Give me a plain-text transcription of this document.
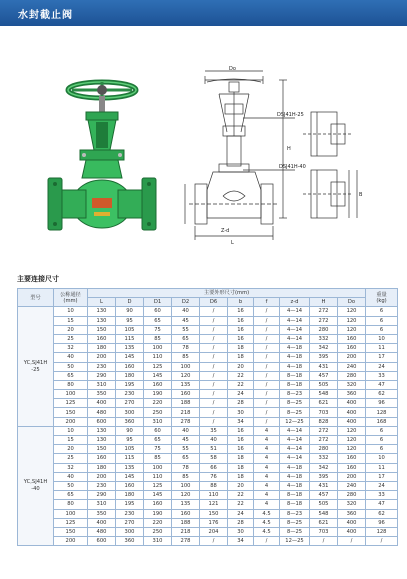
水封截止阀
Do
DSJ41H-25
DSJ41H-40
H
L
B
Z-d
主要连接尺寸
型号	公称通径
(mm)	主要外形尺寸(mm)										重量
(kg)
		L	D	D1	D2	D6	b	f	z-d	H	Do	
YC,SJ41H
-25	10	130	90	60	40	/	16	/	4—14	272	120	6
	15	130	95	65	45	/	16	/	4—14	272	120	6
	20	150	105	75	55	/	16	/	4—14	280	120	6
	25	160	115	85	65	/	16	/	4—14	332	160	10
	32	180	135	100	78	/	18	/	4—18	342	160	11
	40	200	145	110	85	/	18	/	4—18	395	200	17
	50	230	160	125	100	/	20	/	4—18	431	240	24
	65	290	180	145	120	/	22	/	8—18	457	280	33
	80	310	195	160	135	/	22	/	8—18	505	320	47
	100	350	230	190	160	/	24	/	8—23	548	360	62
	125	400	270	220	188	/	28	/	8—25	621	400	96
	150	480	300	250	218	/	30	/	8—25	703	400	128
	200	600	360	310	278	/	34	/	12—25	828	400	168
YC,SJ41H
-40	10	130	90	60	40	35	16	4	4—14	272	120	6
	15	130	95	65	45	40	16	4	4—14	272	120	6
	20	150	105	75	55	51	16	4	4—14	280	120	6
	25	160	115	85	65	58	18	4	4—14	332	160	10
	32	180	135	100	78	66	18	4	4—18	342	160	11
	40	200	145	110	85	76	18	4	4—18	395	200	17
	50	230	160	125	100	88	20	4	4—18	431	240	24
	65	290	180	145	120	110	22	4	8—18	457	280	33
	80	310	195	160	135	121	22	4	8—18	505	320	47
	100	350	230	190	160	150	24	4.5	8—23	548	360	62
	125	400	270	220	188	176	28	4.5	8—25	621	400	96
	150	480	300	250	218	204	30	4.5	8—25	703	400	128
	200	600	360	310	278	/	34	/	12—25	/	/	/
